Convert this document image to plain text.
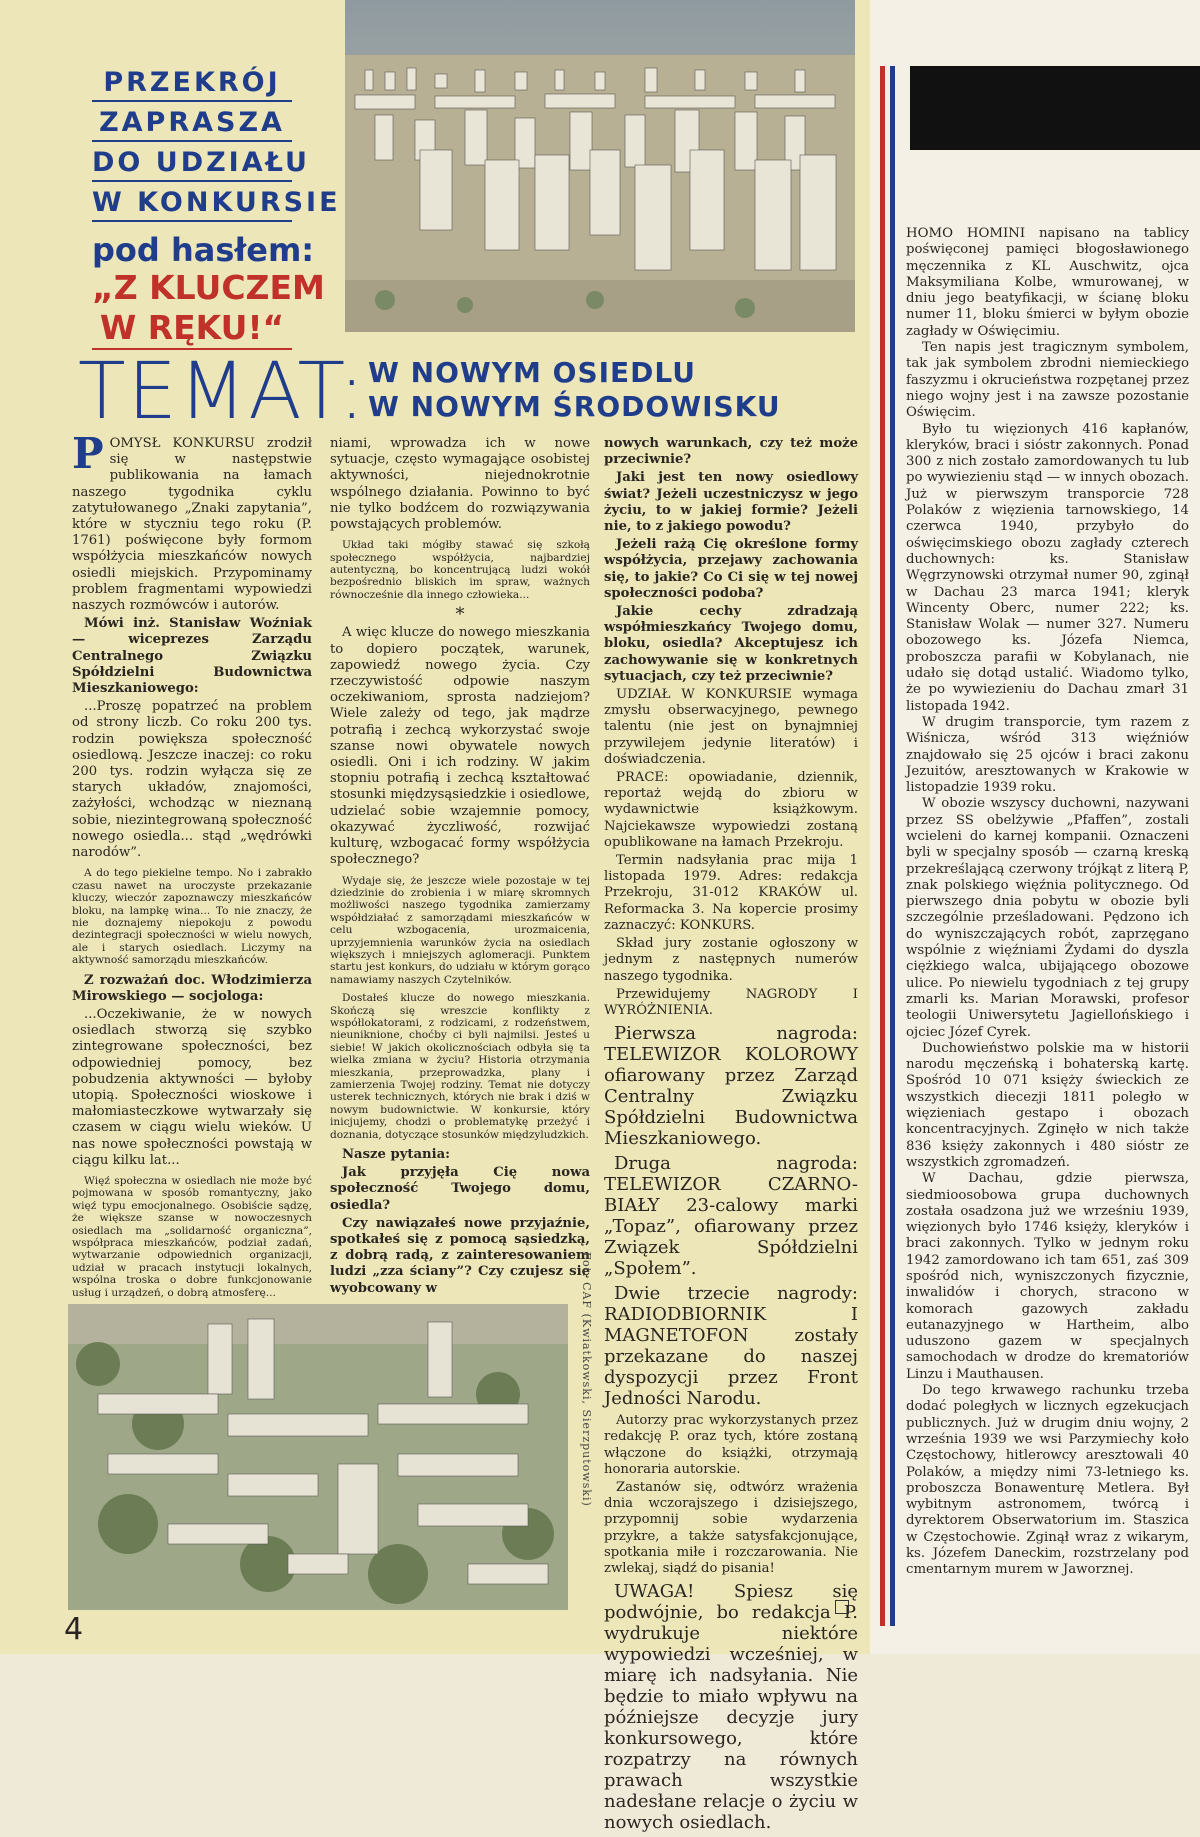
PRZEKRÓJ
ZAPRASZA
DO UDZIAŁU
W KONKURSIE
pod hasłem:
„Z KLUCZEM
W RĘKU!“
TEMAT: W NOWYM OSIEDLU
W NOWYM ŚRODOWISKU

POMYSŁ KONKURSU zrodził się w następstwie publikowania na łamach naszego tygodnika cyklu zatytułowanego „Znaki zapytania”, które w styczniu tego roku (P. 1761) poświęcone były formom współżycia mieszkańców nowych osiedli miejskich. Przypominamy problem fragmentami wypowiedzi naszych rozmówców i autorów.

Mówi inż. Stanisław Woźniak — wiceprezes Zarządu Centralnego Związku Spółdzielni Budownictwa Mieszkaniowego:

...Proszę popatrzeć na problem od strony liczb. Co roku 200 tys. rodzin powiększa społeczność osiedlową. Jeszcze inaczej: co roku 200 tys. rodzin wyłącza się ze starych układów, znajomości, zażyłości, wchodząc w nieznaną sobie, niezintegrowaną społeczność nowego osiedla... stąd „wędrówki narodów”.

A do tego piekielne tempo. No i zabrakło czasu nawet na uroczyste przekazanie kluczy, wieczór zapoznawczy mieszkańców bloku, na lampkę wina... To nie znaczy, że nie doznajemy niepokoju z powodu dezintegracji społeczności w wielu nowych, ale i starych osiedlach. Liczymy na aktywność samorządu mieszkańców.

Z rozważań doc. Włodzimierza Mirowskiego — socjologa:

...Oczekiwanie, że w nowych osiedlach stworzą się szybko zintegrowane społeczności, bez odpowiedniej pomocy, bez pobudzenia aktywności — byłoby utopią. Społeczności wioskowe i małomiasteczkowe wytwarzały się czasem w ciągu wielu wieków. U nas nowe społeczności powstają w ciągu kilku lat...

Więź społeczna w osiedlach nie może być pojmowana w sposób romantyczny, jako więź typu emocjonalnego. Osobiście sądzę, że większe szanse w nowoczesnych osiedlach ma „solidarność organiczna”, współpraca mieszkańców, podział zadań, wytwarzanie odpowiednich organizacji, udział w pracach instytucji lokalnych, wspólna troska o dobre funkcjonowanie usług i urządzeń, o dobrą atmosferę...

niami, wprowadza ich w nowe sytuacje, często wymagające osobistej aktywności, niejednokrotnie wspólnego działania. Powinno to być nie tylko bodźcem do rozwiązywania powstających problemów.

Układ taki mógłby stawać się szkołą społecznego współżycia, najbardziej autentyczną, bo koncentrującą ludzi wokół bezpośrednio bliskich im spraw, ważnych równocześnie dla innego człowieka...

*

A więc klucze do nowego mieszkania to dopiero początek, warunek, zapowiedź nowego życia. Czy rzeczywistość odpowie naszym oczekiwaniom, sprosta nadziejom? Wiele zależy od tego, jak mądrze potrafią i zechcą wykorzystać swoje szanse nowi obywatele nowych osiedli. Oni i ich rodziny. W jakim stopniu potrafią i zechcą kształtować stosunki międzysąsiedzkie i osiedlowe, udzielać sobie wzajemnie pomocy, okazywać życzliwość, rozwijać kulturę, wzbogacać formy współżycia społecznego?

Wydaje się, że jeszcze wiele pozostaje w tej dziedzinie do zrobienia i w miarę skromnych możliwości naszego tygodnika zamierzamy współdziałać z samorządami mieszkańców w celu wzbogacenia, urozmaicenia, uprzyjemnienia warunków życia na osiedlach większych i mniejszych aglomeracji. Punktem startu jest konkurs, do udziału w którym gorąco namawiamy naszych Czytelników.

Dostałeś klucze do nowego mieszkania. Skończą się wreszcie konflikty z współlokatorami, z rodzicami, z rodzeństwem, nieuniknione, choćby ci byli najmilsi. Jesteś u siebie! W jakich okolicznościach odbyła się ta wielka zmiana w życiu? Historia otrzymania mieszkania, przeprowadzka, plany i zamierzenia Twojej rodziny. Temat nie dotyczy usterek technicznych, których nie brak i dziś w nowym budownictwie. W konkursie, który inicjujemy, chodzi o problematykę przeżyć i doznania, dotyczące stosunków międzyludzkich.

Nasze pytania:

Jak przyjęła Cię nowa społeczność Twojego domu, osiedla?

Czy nawiązałeś nowe przyjaźnie, spotkałeś się z pomocą sąsiedzką, z dobrą radą, z zainteresowaniem ludzi „zza ściany”? Czy czujesz się wyobcowany w

nowych warunkach, czy też może przeciwnie?

Jaki jest ten nowy osiedlowy świat? Jeżeli uczestniczysz w jego życiu, to w jakiej formie? Jeżeli nie, to z jakiego powodu?

Jeżeli rażą Cię określone formy współżycia, przejawy zachowania się, to jakie? Co Ci się w tej nowej społeczności podoba?

Jakie cechy zdradzają współmieszkańcy Twojego domu, bloku, osiedla? Akceptujesz ich zachowywanie się w konkretnych sytuacjach, czy też przeciwnie?

UDZIAŁ W KONKURSIE wymaga zmysłu obserwacyjnego, pewnego talentu (nie jest on bynajmniej przywilejem jedynie literatów) i doświadczenia.

PRACE: opowiadanie, dziennik, reportaż wejdą do zbioru w wydawnictwie książkowym. Najciekawsze wypowiedzi zostaną opublikowane na łamach Przekroju.

Termin nadsyłania prac mija 1 listopada 1979. Adres: redakcja Przekroju, 31-012 KRAKÓW ul. Reformacka 3. Na kopercie prosimy zaznaczyć: KONKURS.

Skład jury zostanie ogłoszony w jednym z następnych numerów naszego tygodnika.

Przewidujemy NAGRODY I WYRÓŻNIENIA.

Pierwsza nagroda: TELEWIZOR KOLOROWY ofiarowany przez Zarząd Centralny Związku Spółdzielni Budownictwa Mieszkaniowego.

Druga nagroda: TELEWIZOR CZARNO-BIAŁY 23-calowy marki „Topaz”, ofiarowany przez Związek Spółdzielni „Społem”.

Dwie trzecie nagrody: RADIODBIORNIK I MAGNETOFON zostały przekazane do naszej dyspozycji przez Front Jedności Narodu.

Autorzy prac wykorzystanych przez redakcję P. oraz tych, które zostaną włączone do książki, otrzymają honoraria autorskie.

Zastanów się, odtwórz wrażenia dnia wczorajszego i dzisiejszego, przypomnij sobie wydarzenia przykre, a także satysfakcjonujące, spotkania miłe i rozczarowania. Nie zwlekaj, siądź do pisania!

UWAGA! Spiesz się podwójnie, bo redakcja P. wydrukuje niektóre wypowiedzi wcześniej, w miarę ich nadsyłania. Nie będzie to miało wpływu na późniejsze decyzje jury konkursowego, które rozpatrzy na równych prawach wszystkie nadesłane relacje o życiu w nowych osiedlach.

Fot. CAF (Kwiatkowski, Sierzputowski)
4

HOMO HOMINI napisano na tablicy poświęconej pamięci błogosławionego męczennika z KL Auschwitz, ojca Maksymiliana Kolbe, wmurowanej, w dniu jego beatyfikacji, w ścianę bloku numer 11, bloku śmierci w byłym obozie zagłady w Oświęcimiu.

Ten napis jest tragicznym symbolem, tak jak symbolem zbrodni niemieckiego faszyzmu i okrucieństwa rozpętanej przez niego wojny jest i na zawsze pozostanie Oświęcim.

Było tu więzionych 416 kapłanów, kleryków, braci i sióstr zakonnych. Ponad 300 z nich zostało zamordowanych tu lub po wywiezieniu stąd — w innych obozach. Już w pierwszym transporcie 728 Polaków z więzienia tarnowskiego, 14 czerwca 1940, przybyło do oświęcimskiego obozu zagłady czterech duchownych: ks. Stanisław Węgrzynowski otrzymał numer 90, zginął w Dachau 23 marca 1941; kleryk Wincenty Oberc, numer 222; ks. Stanisław Wolak — numer 327. Numeru obozowego ks. Józefa Niemca, proboszcza parafii w Kobylanach, nie udało się dotąd ustalić. Wiadomo tylko, że po wywiezieniu do Dachau zmarł 31 listopada 1942.

W drugim transporcie, tym razem z Wiśnicza, wśród 313 więźniów znajdowało się 25 ojców i braci zakonu Jezuitów, aresztowanych w Krakowie w listopadzie 1939 roku.

W obozie wszyscy duchowni, nazywani przez SS obelżywie „Pfaffen”, zostali wcieleni do karnej kompanii. Oznaczeni byli w specjalny sposób — czarną kreską przekreślającą czerwony trójkąt z literą P, znak polskiego więźnia politycznego. Od pierwszego dnia pobytu w obozie byli szczególnie prześladowani. Pędzono ich do wyniszczających robót, zaprzęgano wspólnie z więźniami Żydami do dyszla ciężkiego walca, ubijającego obozowe ulice. Po niewielu tygodniach z tej grupy zmarli ks. Marian Morawski, profesor teologii Uniwersytetu Jagiellońskiego i ojciec Józef Cyrek.

Duchowieństwo polskie ma w historii narodu męczeńską i bohaterską kartę. Spośród 10 071 księży świeckich ze wszystkich diecezji 1811 poległo w więzieniach gestapo i obozach koncentracyjnych. Zginęło w nich także 836 księży zakonnych i 480 sióstr ze wszystkich zgromadzeń.

W Dachau, gdzie pierwsza, siedmioosobowa grupa duchownych została osadzona już we wrześniu 1939, więzionych było 1746 księży, kleryków i braci zakonnych. Tylko w jednym roku 1942 zamordowano ich tam 651, zaś 309 spośród nich, wyniszczonych fizycznie, inwalidów i chorych, stracono w komorach gazowych zakładu eutanazyjnego w Hartheim, albo uduszono gazem w specjalnych samochodach w drodze do krematoriów Linzu i Mauthausen.

Do tego krwawego rachunku trzeba dodać poległych w licznych egzekucjach publicznych. Już w drugim dniu wojny, 2 września 1939 we wsi Parzymiechy koło Częstochowy, hitlerowcy aresztowali 40 Polaków, a między nimi 73-letniego ks. proboszcza Bonawenturę Metlera. Był wybitnym astronomem, twórcą i dyrektorem Obserwatorium im. Staszica w Częstochowie. Zginął wraz z wikarym, ks. Józefem Daneckim, rozstrzelany pod cmentarnym murem w Jaworznej.
